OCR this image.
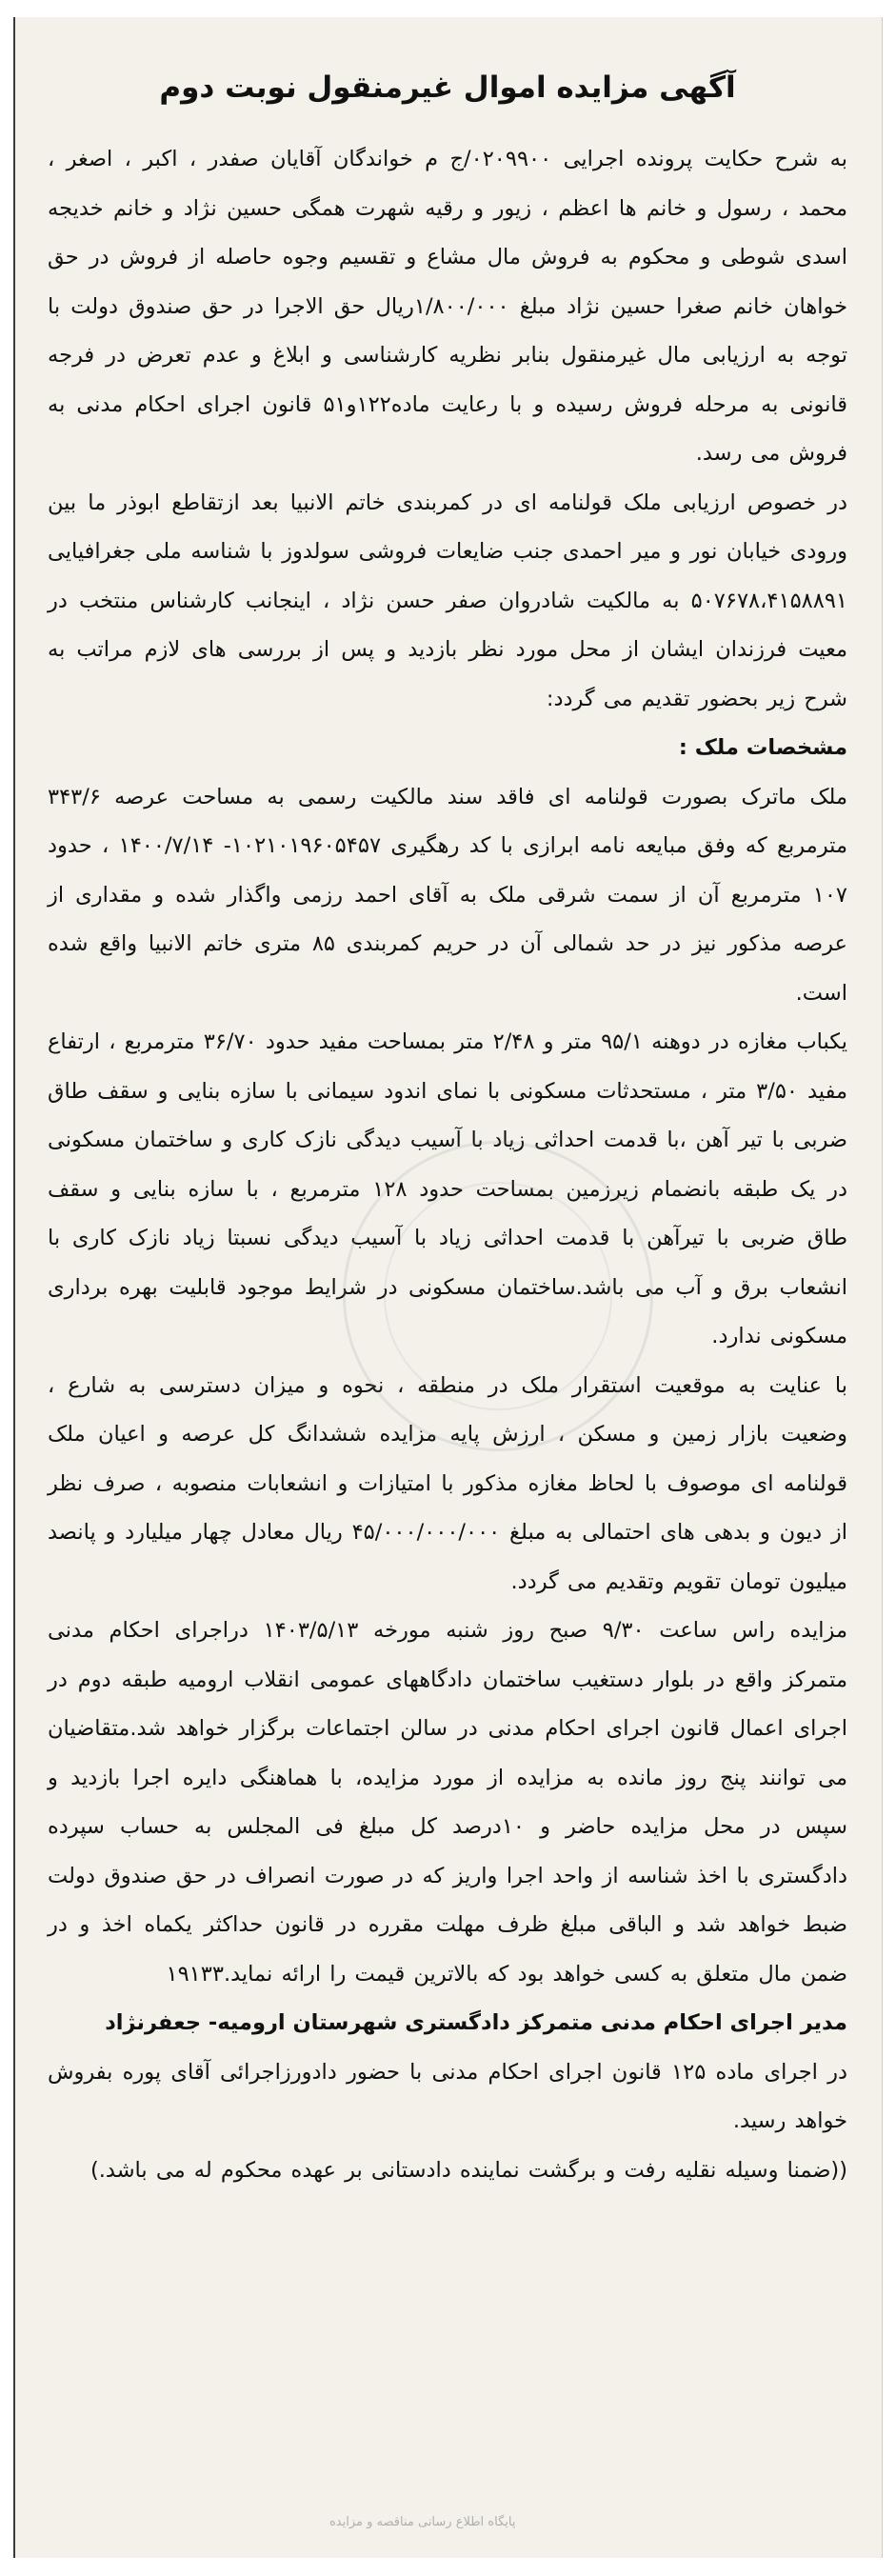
آگهی مزایده اموال غیرمنقول نوبت دوم

به شرح حکایت پرونده اجرایی ۰۲۰۹۹۰۰/ج م خواندگان آقایان صفدر ، اکبر ، اصغر ، محمد ، رسول و خانم ها اعظم ، زیور و رقیه شهرت همگی حسین نژاد و خانم خدیجه اسدی شوطی و محکوم به فروش مال مشاع و تقسیم وجوه حاصله از فروش در حق خواهان خانم صغرا حسین نژاد مبلغ ۱/۸۰۰/۰۰۰ریال حق الاجرا در حق صندوق دولت با توجه به ارزیابی مال غیرمنقول بنابر نظریه کارشناسی و ابلاغ و عدم تعرض در فرجه قانونی به مرحله فروش رسیده و با رعایت ماده۱۲۲و۵۱ قانون اجرای احکام مدنی به فروش می رسد.

در خصوص ارزیابی ملک قولنامه ای در کمربندی خاتم الانبیا بعد ازتقاطع ابوذر ما بین ورودی خیابان نور و میر احمدی جنب ضایعات فروشی سولدوز با شناسه ملی جغرافیایی ۵۰۷۶۷۸،۴۱۵۸۸۹۱ به مالکیت شادروان صفر حسن نژاد ، اینجانب کارشناس منتخب در معیت فرزندان ایشان از محل مورد نظر بازدید و پس از بررسی های لازم مراتب به شرح زیر بحضور تقدیم می گردد:

مشخصات ملک :

ملک ماترک بصورت قولنامه ای فاقد سند مالکیت رسمی به مساحت عرصه ۳۴۳/۶ مترمربع که وفق مبایعه نامه ابرازی با کد رهگیری ۱۰۲۱۰۱۹۶۰۵۴۵۷- ۱۴۰۰/۷/۱۴ ، حدود ۱۰۷ مترمربع آن از سمت شرقی ملک به آقای احمد رزمی واگذار شده و مقداری از عرصه مذکور نیز در حد شمالی آن در حریم کمربندی ۸۵ متری خاتم الانبیا واقع شده است.

یکباب مغازه در دوهنه ۹۵/۱ متر و ۲/۴۸ متر بمساحت مفید حدود ۳۶/۷۰ مترمربع ، ارتفاع مفید ۳/۵۰ متر ، مستحدثات مسکونی با نمای اندود سیمانی با سازه بنایی و سقف طاق ضربی با تیر آهن ،با قدمت احداثی زیاد با آسیب دیدگی نازک کاری و ساختمان مسکونی در یک طبقه بانضمام زیرزمین بمساحت حدود ۱۲۸ مترمربع ، با سازه بنایی و سقف طاق ضربی با تیرآهن با قدمت احداثی زیاد با آسیب دیدگی نسبتا زیاد نازک کاری با انشعاب برق و آب می باشد.ساختمان مسکونی در شرایط موجود قابلیت بهره برداری مسکونی ندارد.

با عنایت به موقعیت استقرار ملک در منطقه ، نحوه و میزان دسترسی به شارع ، وضعیت بازار زمین و مسکن ، ارزش پایه مزایده ششدانگ کل عرصه و اعیان ملک قولنامه ای موصوف با لحاظ مغازه مذکور با امتیازات و انشعابات منصوبه ، صرف نظر از دیون و بدهی های احتمالی به مبلغ ۴۵/۰۰۰/۰۰۰/۰۰۰ ریال معادل چهار میلیارد و پانصد میلیون تومان تقویم وتقدیم می گردد.

مزایده راس ساعت ۹/۳۰ صبح روز شنبه مورخه ۱۴۰۳/۵/۱۳ دراجرای احکام مدنی متمرکز واقع در بلوار دستغیب ساختمان دادگاههای عمومی انقلاب ارومیه طبقه دوم در اجرای اعمال قانون اجرای احکام مدنی در سالن اجتماعات برگزار خواهد شد.متقاضیان می توانند پنج روز مانده به مزایده از مورد مزایده، با هماهنگی دایره اجرا بازدید و سپس در محل مزایده حاضر و ۱۰درصد کل مبلغ فی المجلس به حساب سپرده دادگستری با اخذ شناسه از واحد اجرا واریز که در صورت انصراف در حق صندوق دولت ضبط خواهد شد و الباقی مبلغ ظرف مهلت مقرره در قانون حداکثر یکماه اخذ و در ضمن مال متعلق به کسی خواهد بود که بالاترین قیمت را ارائه نماید.۱۹۱۳۳

مدیر اجرای احکام مدنی متمرکز دادگستری شهرستان ارومیه- جعفرنژاد

در اجرای ماده ۱۲۵ قانون اجرای احکام مدنی با حضور دادورزاجرائی آقای پوره بفروش خواهد رسید.

((ضمنا وسیله نقلیه رفت و برگشت نماینده دادستانی بر عهده محکوم له می باشد.)

پایگاه اطلاع رسانی مناقصه و مزایده
